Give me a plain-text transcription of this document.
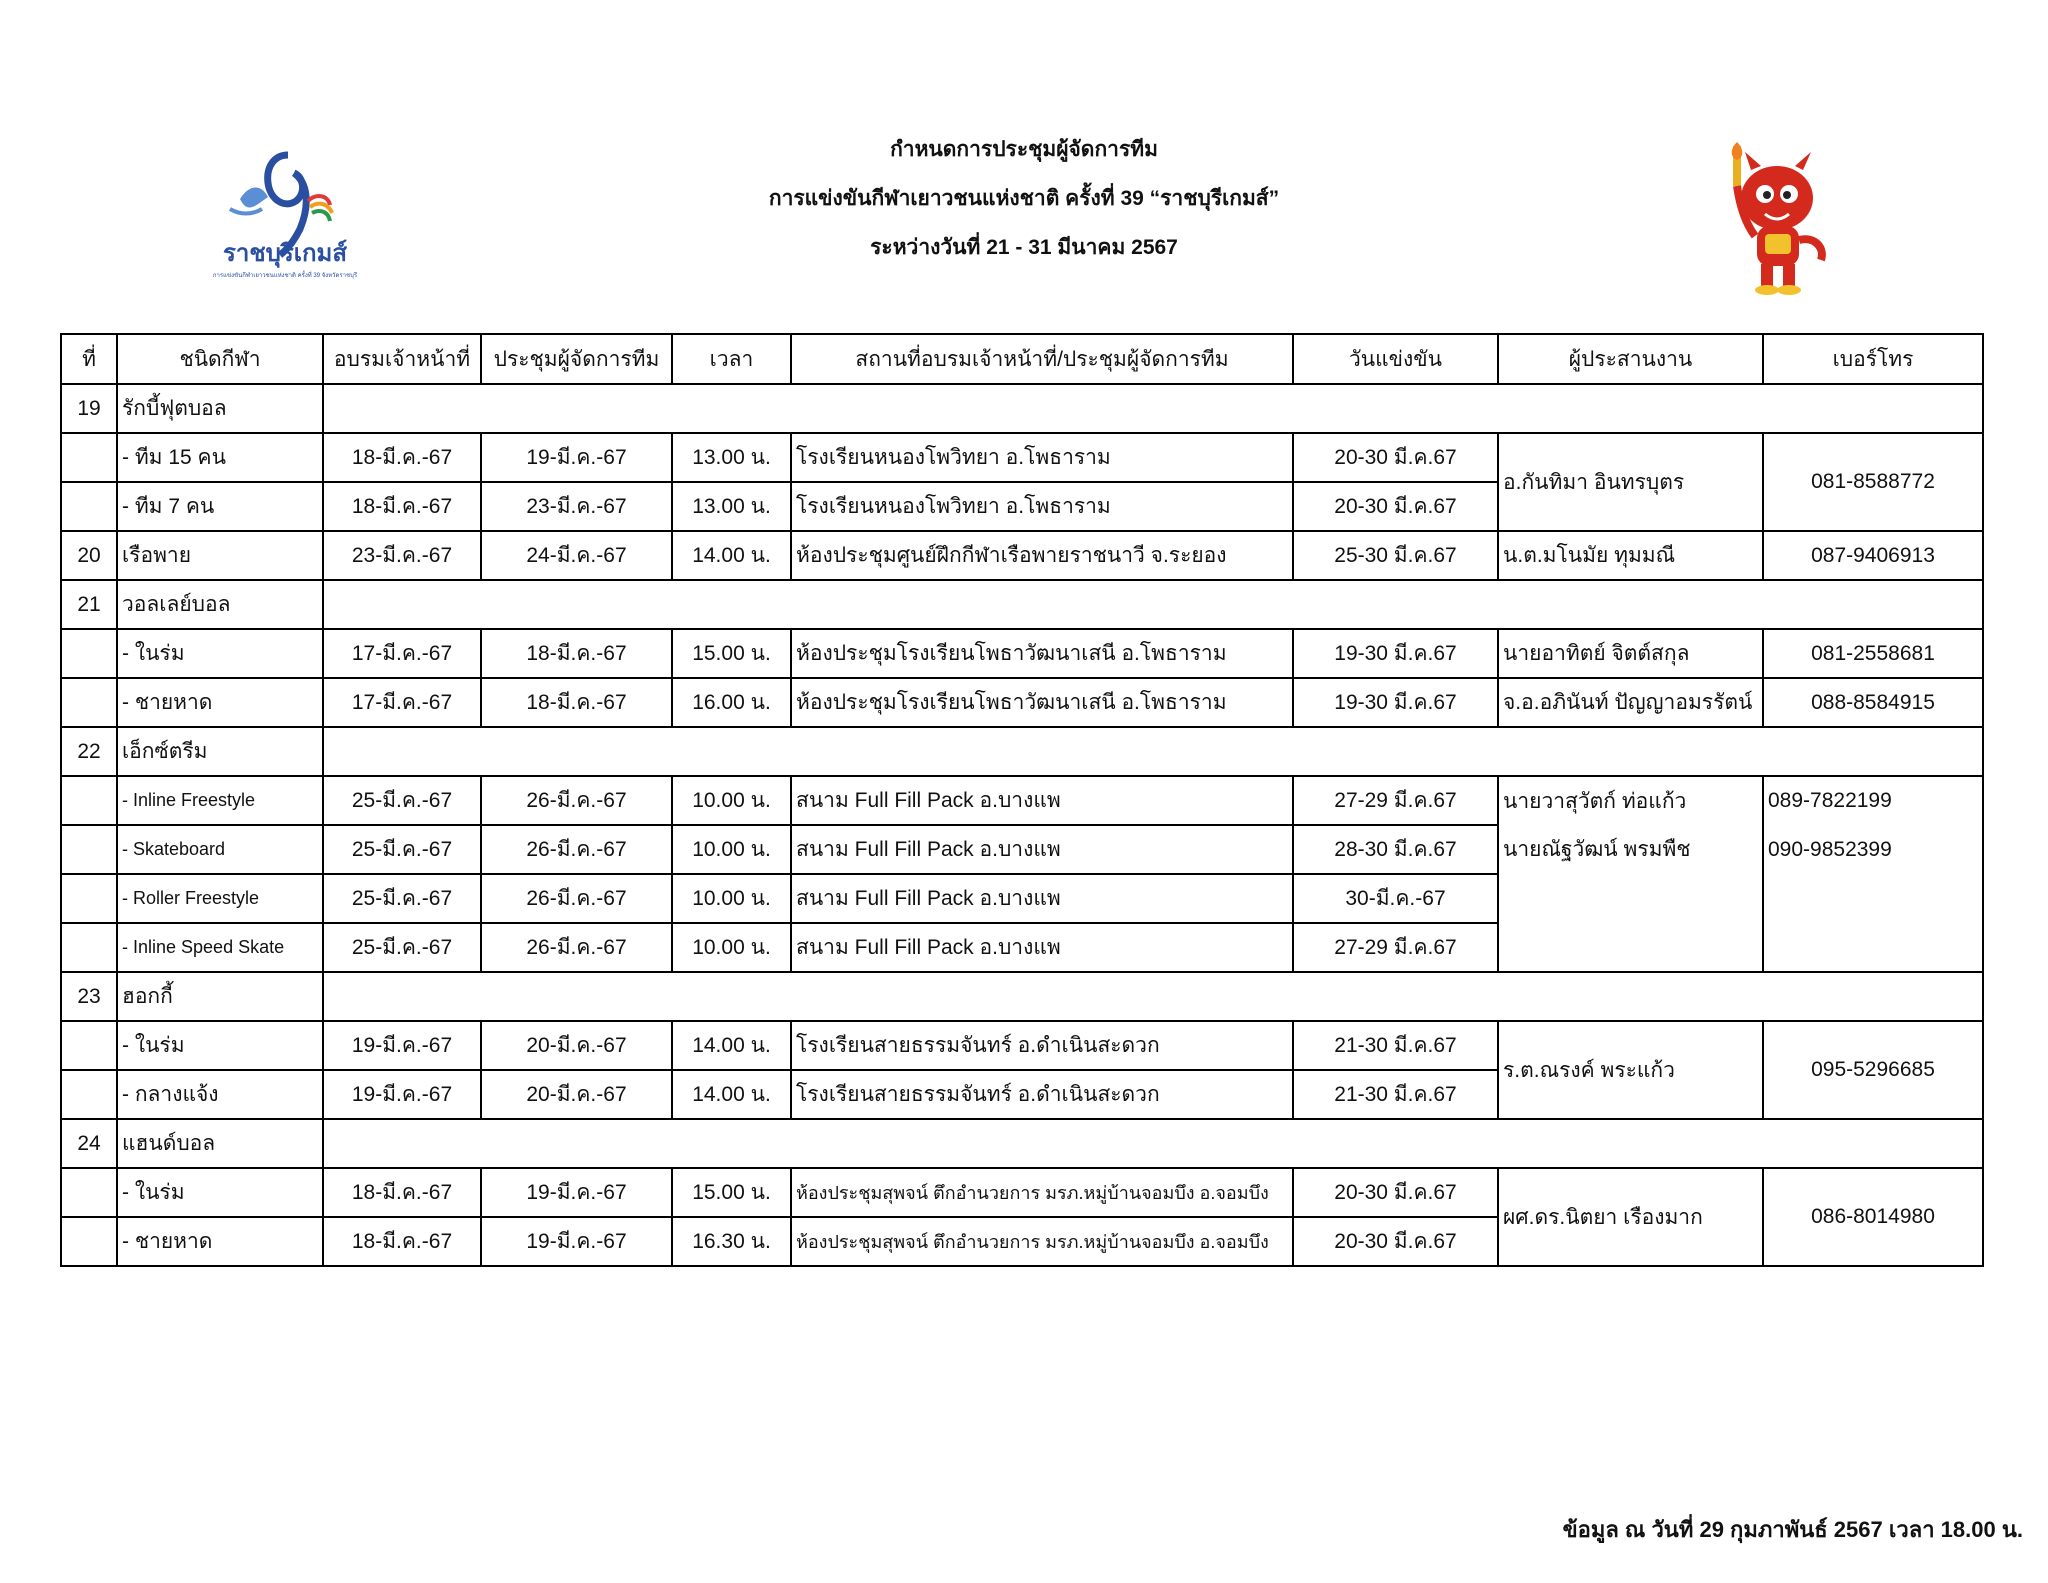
กำหนดการประชุมผู้จัดการทีม
การแข่งขันกีฬาเยาวชนแห่งชาติ ครั้งที่ 39 “ราชบุรีเกมส์”
ระหว่างวันที่ 21 - 31 มีนาคม 2567
ราชบุรีเกมส์
การแข่งขันกีฬาเยาวชนแห่งชาติ ครั้งที่ 39 จังหวัดราชบุรี
ที่	ชนิดกีฬา	อบรมเจ้าหน้าที่	ประชุมผู้จัดการทีม	เวลา	สถานที่อบรมเจ้าหน้าที่/ประชุมผู้จัดการทีม	วันแข่งขัน	ผู้ประสานงาน	เบอร์โทร
19	รักบี้ฟุตบอล							
	- ทีม 15 คน	18-มี.ค.-67	19-มี.ค.-67	13.00 น.	โรงเรียนหนองโพวิทยา อ.โพธาราม	20-30 มี.ค.67	อ.กันทิมา อินทรบุตร	081-8588772
	- ทีม 7 คน	18-มี.ค.-67	23-มี.ค.-67	13.00 น.	โรงเรียนหนองโพวิทยา อ.โพธาราม	20-30 มี.ค.67		
20	เรือพาย	23-มี.ค.-67	24-มี.ค.-67	14.00 น.	ห้องประชุมศูนย์ฝึกกีฬาเรือพายราชนาวี จ.ระยอง	25-30 มี.ค.67	น.ต.มโนมัย ทุมมณี	087-9406913
21	วอลเลย์บอล							
	- ในร่ม	17-มี.ค.-67	18-มี.ค.-67	15.00 น.	ห้องประชุมโรงเรียนโพธาวัฒนาเสนี อ.โพธาราม	19-30 มี.ค.67	นายอาทิตย์ จิตต์สกุล	081-2558681
	- ชายหาด	17-มี.ค.-67	18-มี.ค.-67	16.00 น.	ห้องประชุมโรงเรียนโพธาวัฒนาเสนี อ.โพธาราม	19-30 มี.ค.67	จ.อ.อภินันท์ ปัญญาอมรรัตน์	088-8584915
22	เอ็กซ์ตรีม							
	- Inline Freestyle	25-มี.ค.-67	26-มี.ค.-67	10.00 น.	สนาม Full Fill Pack อ.บางแพ	27-29 มี.ค.67	นายวาสุวัตก์ ท่อแก้ว	089-7822199
	- Skateboard	25-มี.ค.-67	26-มี.ค.-67	10.00 น.	สนาม Full Fill Pack อ.บางแพ	28-30 มี.ค.67	นายณัฐวัฒน์ พรมพืช	090-9852399
	- Roller Freestyle	25-มี.ค.-67	26-มี.ค.-67	10.00 น.	สนาม Full Fill Pack อ.บางแพ	30-มี.ค.-67		
	- Inline Speed Skate	25-มี.ค.-67	26-มี.ค.-67	10.00 น.	สนาม Full Fill Pack อ.บางแพ	27-29 มี.ค.67		
23	ฮอกกี้							
	- ในร่ม	19-มี.ค.-67	20-มี.ค.-67	14.00 น.	โรงเรียนสายธรรมจันทร์ อ.ดำเนินสะดวก	21-30 มี.ค.67	ร.ต.ณรงค์ พระแก้ว	095-5296685
	- กลางแจ้ง	19-มี.ค.-67	20-มี.ค.-67	14.00 น.	โรงเรียนสายธรรมจันทร์ อ.ดำเนินสะดวก	21-30 มี.ค.67		
24	แฮนด์บอล							
	- ในร่ม	18-มี.ค.-67	19-มี.ค.-67	15.00 น.	ห้องประชุมสุพจน์ ตึกอำนวยการ มรภ.หมู่บ้านจอมบึง อ.จอมบึง	20-30 มี.ค.67	ผศ.ดร.นิตยา เรืองมาก	086-8014980
	- ชายหาด	18-มี.ค.-67	19-มี.ค.-67	16.30 น.	ห้องประชุมสุพจน์ ตึกอำนวยการ มรภ.หมู่บ้านจอมบึง อ.จอมบึง	20-30 มี.ค.67		
ข้อมูล ณ วันที่ 29 กุมภาพันธ์ 2567 เวลา 18.00 น.
